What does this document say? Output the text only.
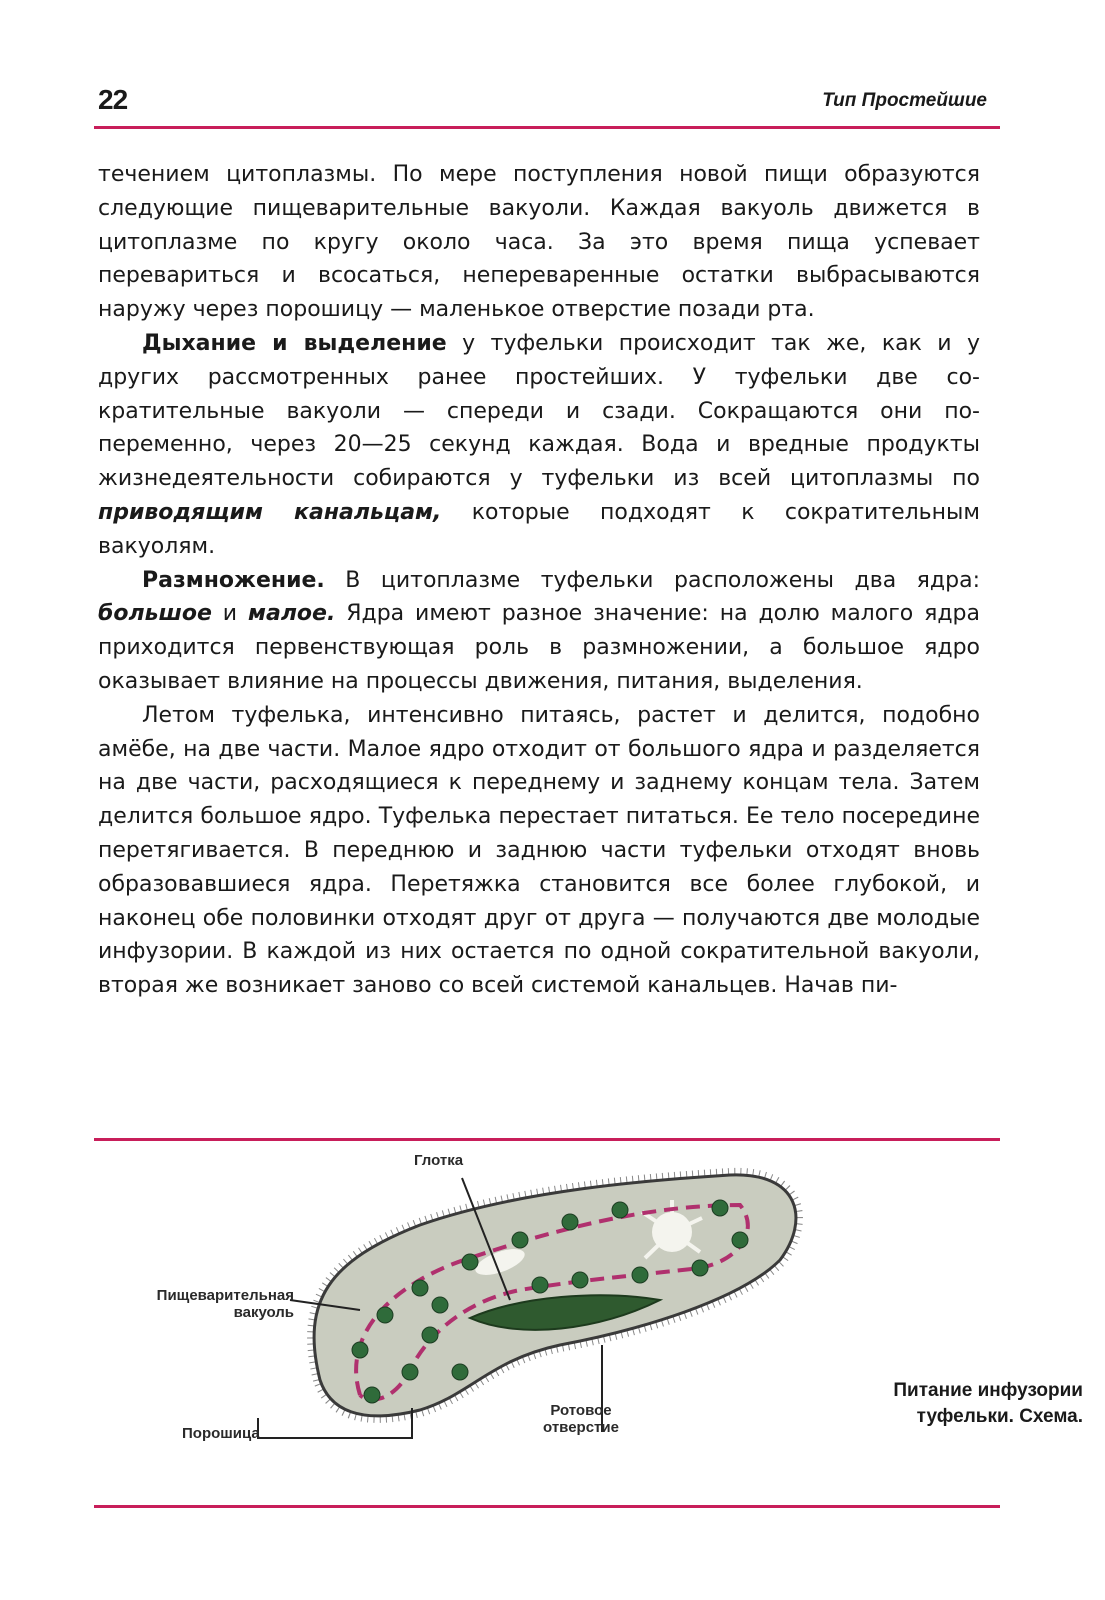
22	Тип Простейшие

течением цитоплазмы. По мере поступления новой пищи образуются следующие пищеварительные вакуоли. Каждая вакуоль движется в цитоплазме по кругу около часа. За это время пища успевает перевариться и всосаться, непереваренные остатки выбрасываются наружу через порошицу — маленькое отверстие позади рта.

Дыхание и выделение у туфельки происходит так же, как и у других рассмотренных ранее простейших. У туфельки две сократительные вакуоли — спереди и сзади. Сокращаются они попеременно, через 20—25 секунд каждая. Вода и вредные продукты жизнедеятельности собираются у туфельки из всей цитоплазмы по приводящим канальцам, которые подходят к сократительным вакуолям.

Размножение. В цитоплазме туфельки расположены два ядра: большое и малое. Ядра имеют разное значение: на долю малого ядра приходится первенствующая роль в размножении, а большое ядро оказывает влияние на процессы движения, питания, выделения.

Летом туфелька, интенсивно питаясь, растет и делится, подобно амёбе, на две части. Малое ядро отходит от большого ядра и разделяется на две части, расходящиеся к переднему и заднему концам тела. Затем делится большое ядро. Туфелька перестает питаться. Ее тело посередине перетягивается. В переднюю и заднюю части туфельки отходят вновь образовавшиеся ядра. Перетяжка становится все более глубокой, и наконец обе половинки отходят друг от друга — получаются две молодые инфузории. В каждой из них остается по одной сократительной вакуоли, вторая же возникает заново со всей системой канальцев. Начав пи-

Глотка
Пищеварительная вакуоль
Ротовое отверстие
Порошица
Питание инфузории туфельки. Схема.
